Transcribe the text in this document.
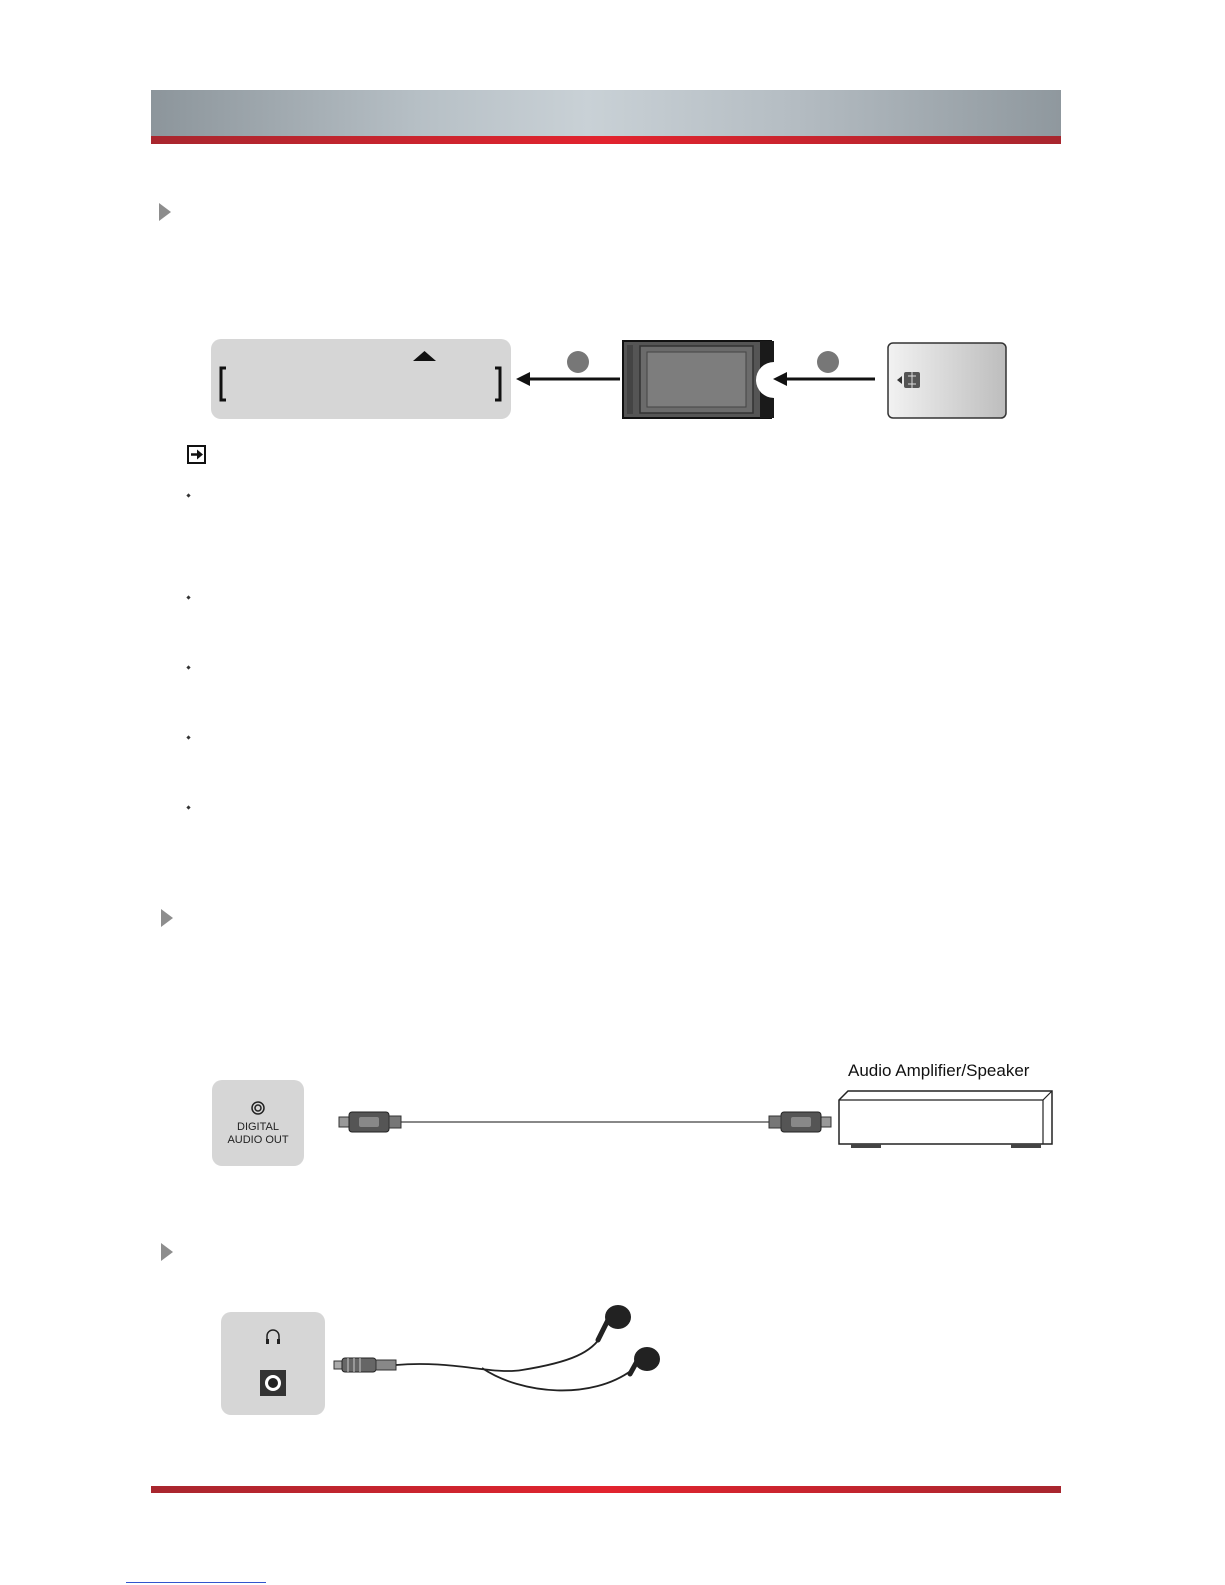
DIGITAL
AUDIO OUT
Audio Amplifier/Speaker
